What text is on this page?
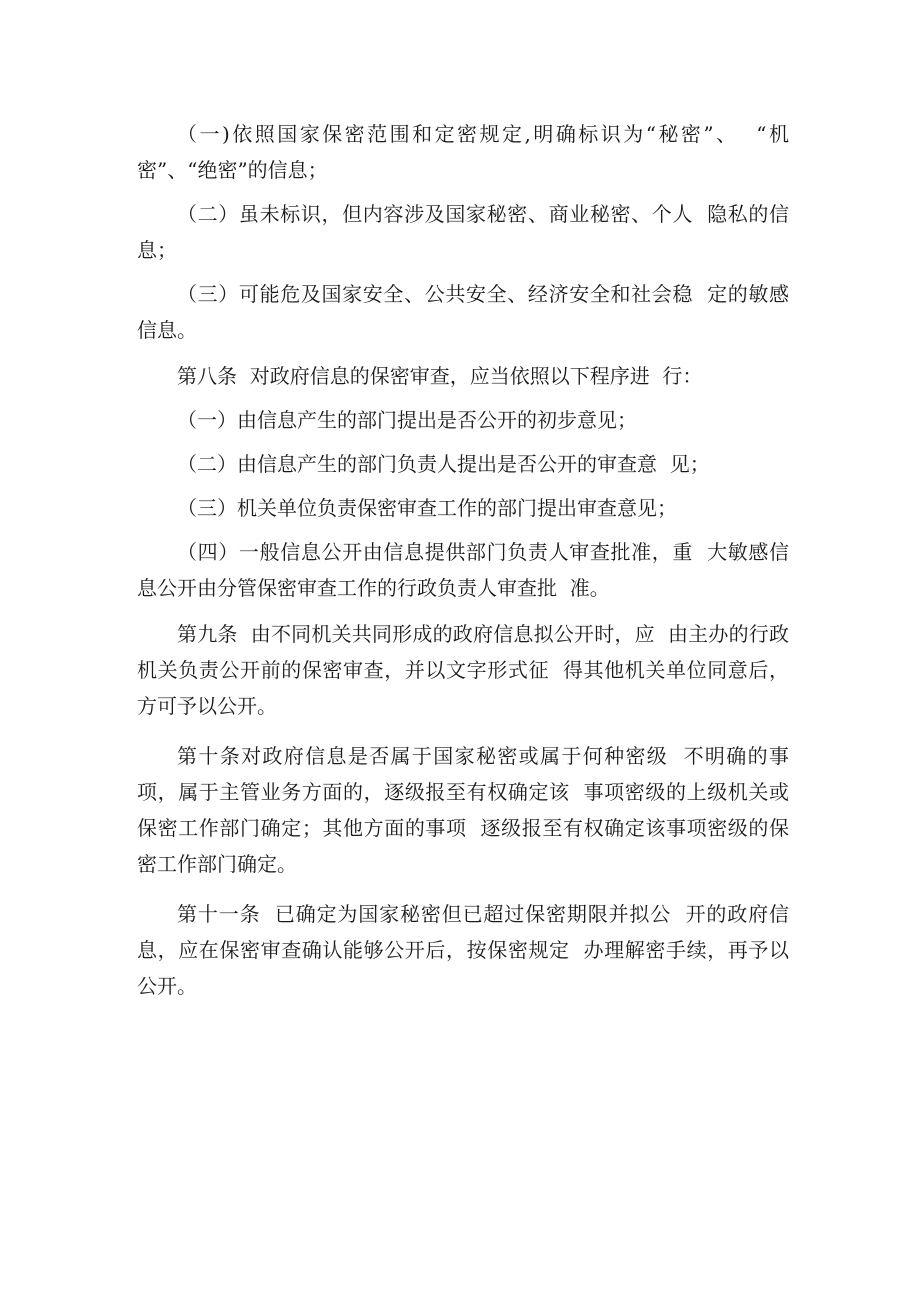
（一)依照国家保密范围和定密规定,明确标识为“秘密”、  “机密”、“绝密”的信息；

（二）虽未标识，但内容涉及国家秘密、商业秘密、个人  隐私的信息；

（三）可能危及国家安全、公共安全、经济安全和社会稳  定的敏感信息。

第八条  对政府信息的保密审查，应当依照以下程序进  行：

（一）由信息产生的部门提出是否公开的初步意见；

（二）由信息产生的部门负责人提出是否公开的审查意  见；

（三）机关单位负责保密审查工作的部门提出审查意见；

（四）一般信息公开由信息提供部门负责人审查批准，重  大敏感信息公开由分管保密审查工作的行政负责人审查批  准。

第九条  由不同机关共同形成的政府信息拟公开时，应  由主办的行政机关负责公开前的保密审查，并以文字形式征  得其他机关单位同意后，方可予以公开。

第十条对政府信息是否属于国家秘密或属于何种密级  不明确的事项，属于主管业务方面的，逐级报至有权确定该  事项密级的上级机关或保密工作部门确定；其他方面的事项  逐级报至有权确定该事项密级的保密工作部门确定。

第十一条  已确定为国家秘密但已超过保密期限并拟公  开的政府信息，应在保密审查确认能够公开后，按保密规定  办理解密手续，再予以公开。
